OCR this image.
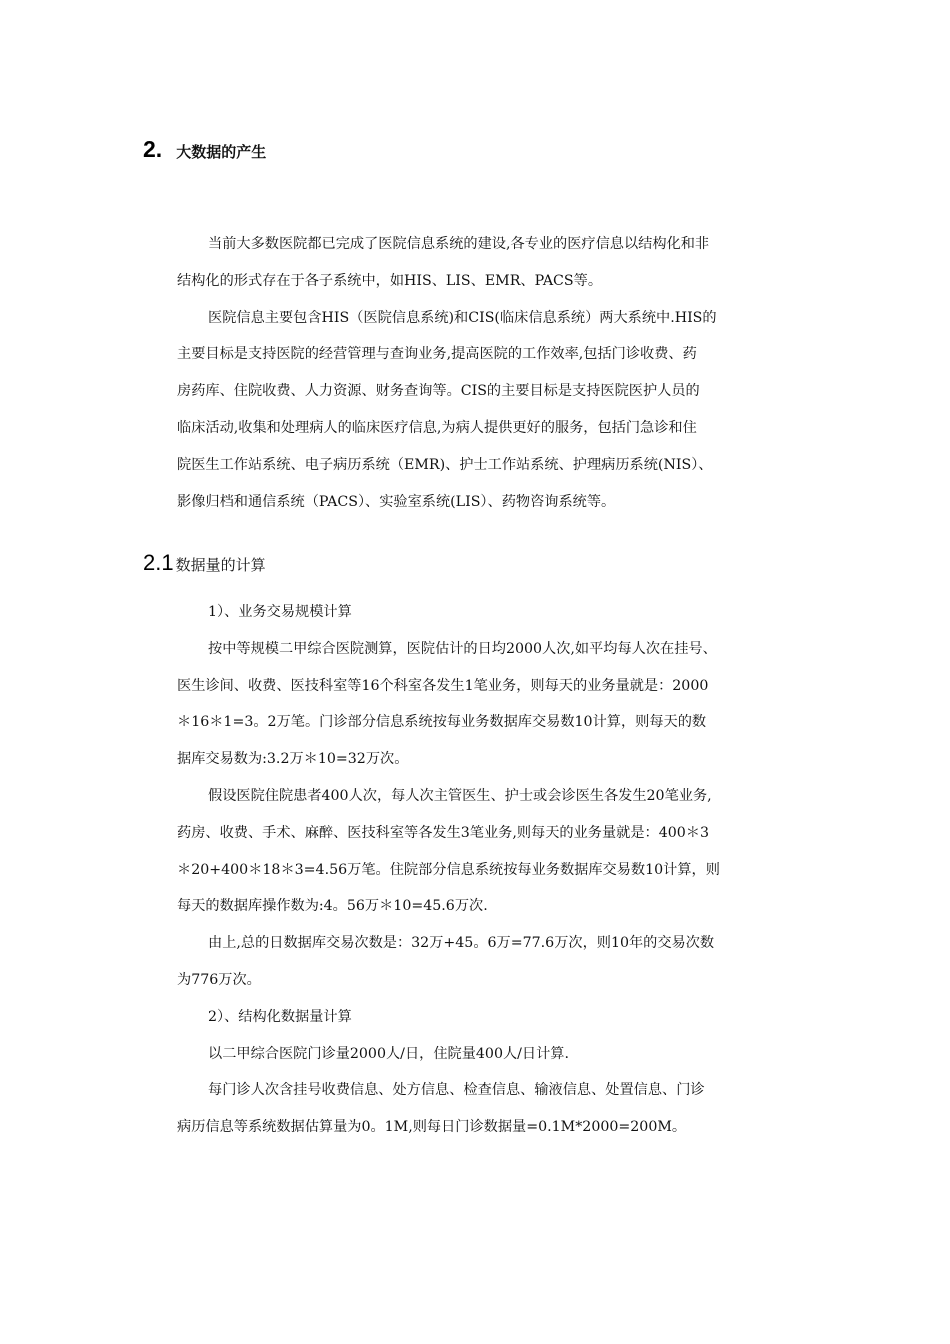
2. 大数据的产生

当前大多数医院都已完成了医院信息系统的建设,各专业的医疗信息以结构化和非
结构化的形式存在于各子系统中，如HIS、LIS、EMR、PACS等。

医院信息主要包含HIS（医院信息系统)和CIS(临床信息系统）两大系统中.HIS的
主要目标是支持医院的经营管理与查询业务,提高医院的工作效率,包括门诊收费、药
房药库、住院收费、人力资源、财务查询等。CIS的主要目标是支持医院医护人员的
临床活动,收集和处理病人的临床医疗信息,为病人提供更好的服务，包括门急诊和住
院医生工作站系统、电子病历系统（EMR)、护士工作站系统、护理病历系统(NIS）、
影像归档和通信系统（PACS）、实验室系统(LIS）、药物咨询系统等。

2.1 数据量的计算

1）、业务交易规模计算

按中等规模二甲综合医院测算，医院估计的日均2000人次,如平均每人次在挂号、
医生诊间、收费、医技科室等16个科室各发生1笔业务，则每天的业务量就是：2000
＊16＊1=3。2万笔。门诊部分信息系统按每业务数据库交易数10计算，则每天的数
据库交易数为:3.2万＊10=32万次。

假设医院住院患者400人次，每人次主管医生、护士或会诊医生各发生20笔业务,
药房、收费、手术、麻醉、医技科室等各发生3笔业务,则每天的业务量就是：400＊3
＊20+400＊18＊3=4.56万笔。住院部分信息系统按每业务数据库交易数10计算，则
每天的数据库操作数为:4。56万＊10=45.6万次.

由上,总的日数据库交易次数是：32万+45。6万=77.6万次，则10年的交易次数
为776万次。

2）、结构化数据量计算

以二甲综合医院门诊量2000人/日，住院量400人/日计算.

每门诊人次含挂号收费信息、处方信息、检查信息、输液信息、处置信息、门诊
病历信息等系统数据估算量为0。1M,则每日门诊数据量=0.1M*2000=200M。
